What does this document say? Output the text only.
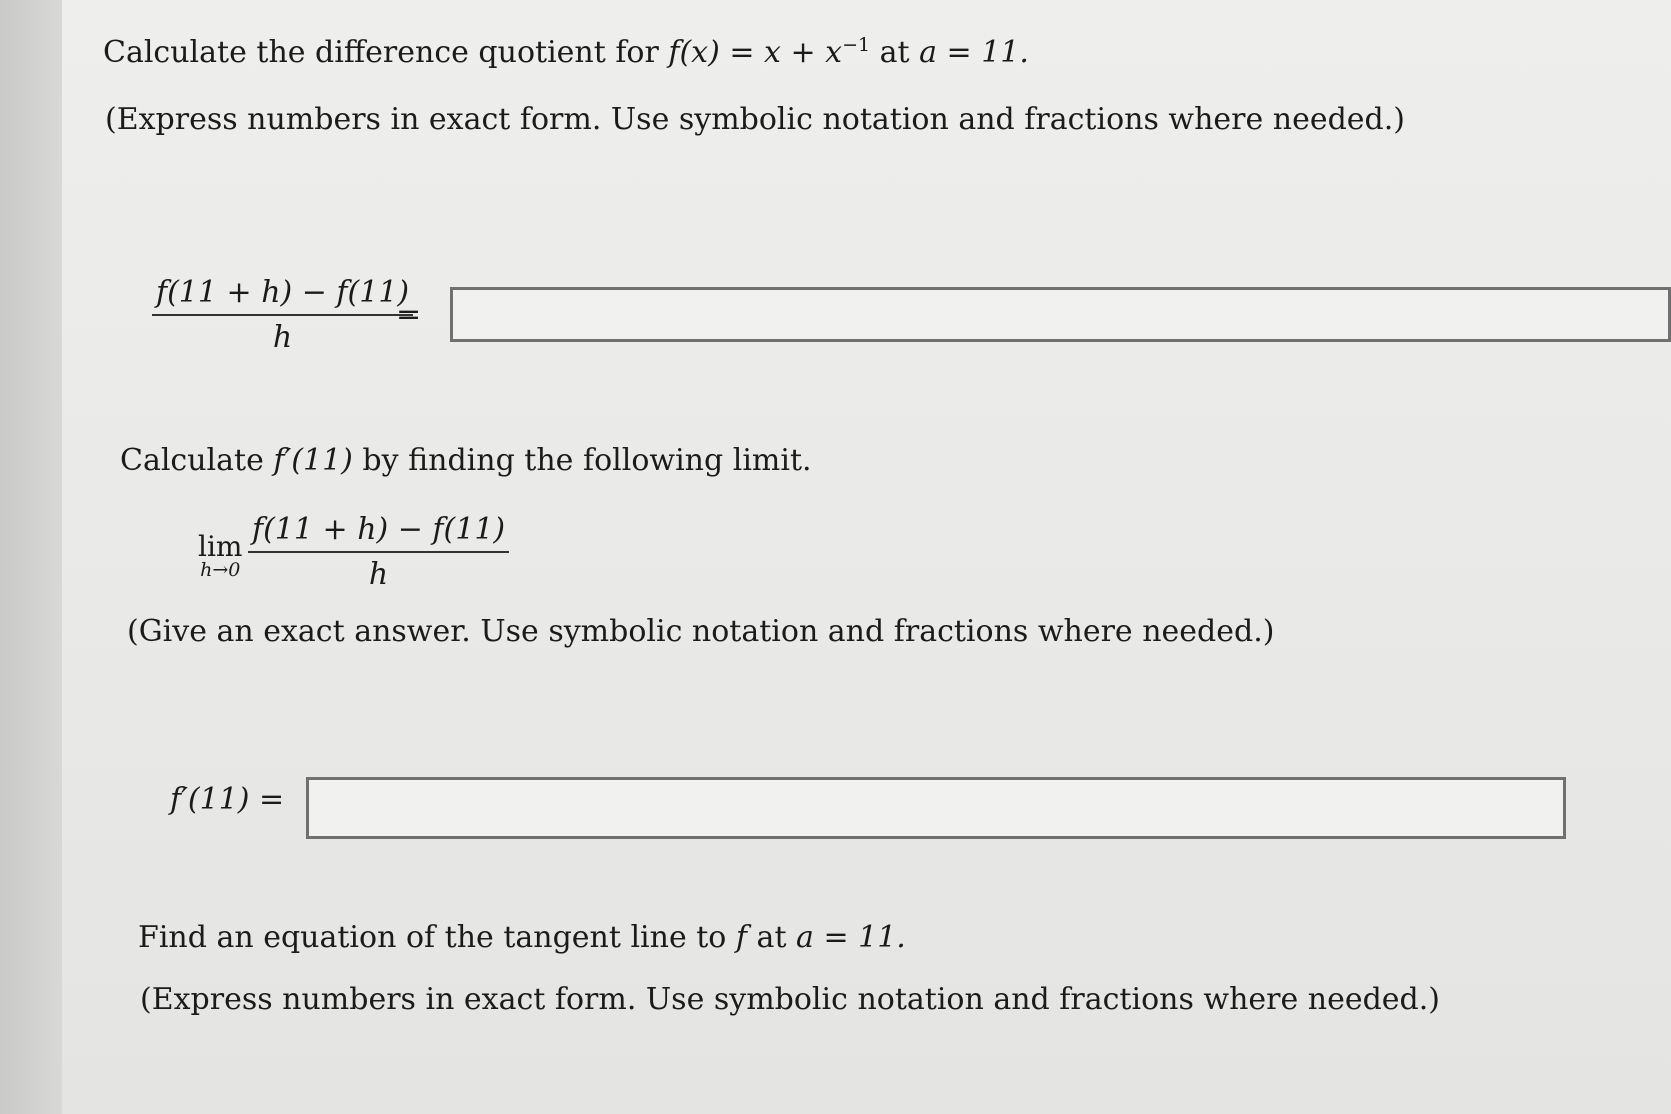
Calculate the difference quotient for $f(x) = x + x^{-1}$ at a = 11.
(Express numbers in exact form. Use symbolic notation and fractions where needed.)
$\frac{f(11 + h) - f(11)}{h}$
=
Calculate f′(11) by finding the following limit.
lim
$h\to 0 \frac{f(11 + h) - f(11)}{h}$
(Give an exact answer. Use symbolic notation and fractions where needed.)
f′(11) =
Find an equation of the tangent line to f at a = 11.
(Express numbers in exact form. Use symbolic notation and fractions where needed.)
